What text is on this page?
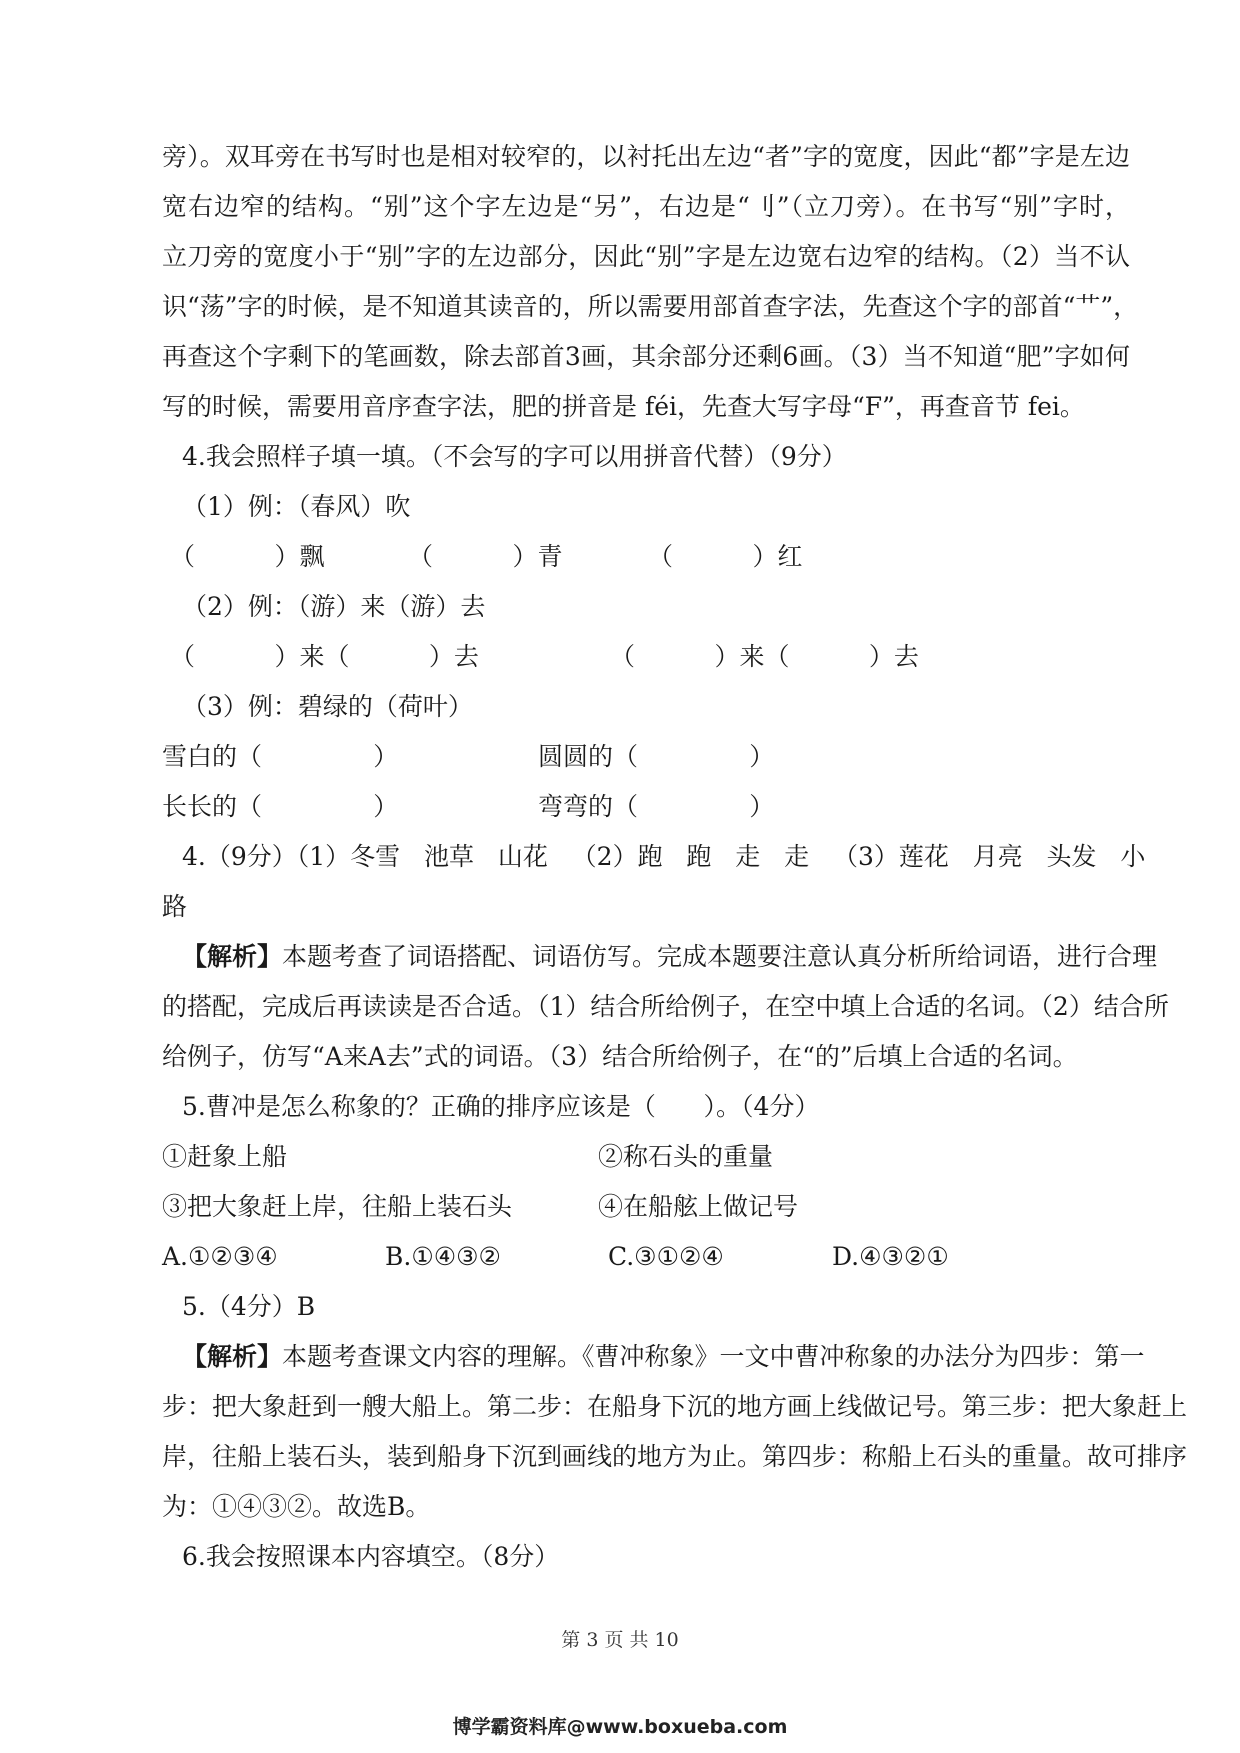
旁）。双耳旁在书写时也是相对较窄的，以衬托出左边“者”字的宽度，因此“都”字是左边
宽右边窄的结构。“别”这个字左边是“另”，右边是“刂”（立刀旁）。在书写“别”字时，
立刀旁的宽度小于“别”字的左边部分，因此“别”字是左边宽右边窄的结构。（2）当不认
识“荡”字的时候，是不知道其读音的，所以需要用部首查字法，先查这个字的部首“艹”，
再查这个字剩下的笔画数，除去部首3画，其余部分还剩6画。（3）当不知道“肥”字如何
写的时候，需要用音序查字法，肥的拼音是 féi，先查大写字母“F”，再查音节 fei。
4.我会照样子填一填。（不会写的字可以用拼音代替）（9分）
（1）例：（春风）吹
（          ）飘	（          ）青	（          ）红
（2）例：（游）来（游）去
（          ）来（          ）去	（          ）来（          ）去
（3）例：碧绿的（荷叶）
雪白的（              ）	圆圆的（              ）
长长的（              ）	弯弯的（              ）
4.（9分）（1）冬雪   池草   山花   （2）跑   跑   走   走   （3）莲花   月亮   头发   小
路
【解析】本题考查了词语搭配、词语仿写。完成本题要注意认真分析所给词语，进行合理
的搭配，完成后再读读是否合适。（1）结合所给例子，在空中填上合适的名词。（2）结合所
给例子，仿写“A来A去”式的词语。（3）结合所给例子，在“的”后填上合适的名词。
5.曹冲是怎么称象的？正确的排序应该是（      ）。（4分）
①赶象上船	②称石头的重量
③把大象赶上岸，往船上装石头	④在船舷上做记号
A.①②③④	B.①④③②	C.③①②④	D.④③②①
5.（4分）B
【解析】本题考查课文内容的理解。《曹冲称象》一文中曹冲称象的办法分为四步：第一
步：把大象赶到一艘大船上。第二步：在船身下沉的地方画上线做记号。第三步：把大象赶上
岸，往船上装石头，装到船身下沉到画线的地方为止。第四步：称船上石头的重量。故可排序
为：①④③②。故选B。
6.我会按照课本内容填空。（8分）
第 3 页 共 10
博学霸资料库@www.boxueba.com
